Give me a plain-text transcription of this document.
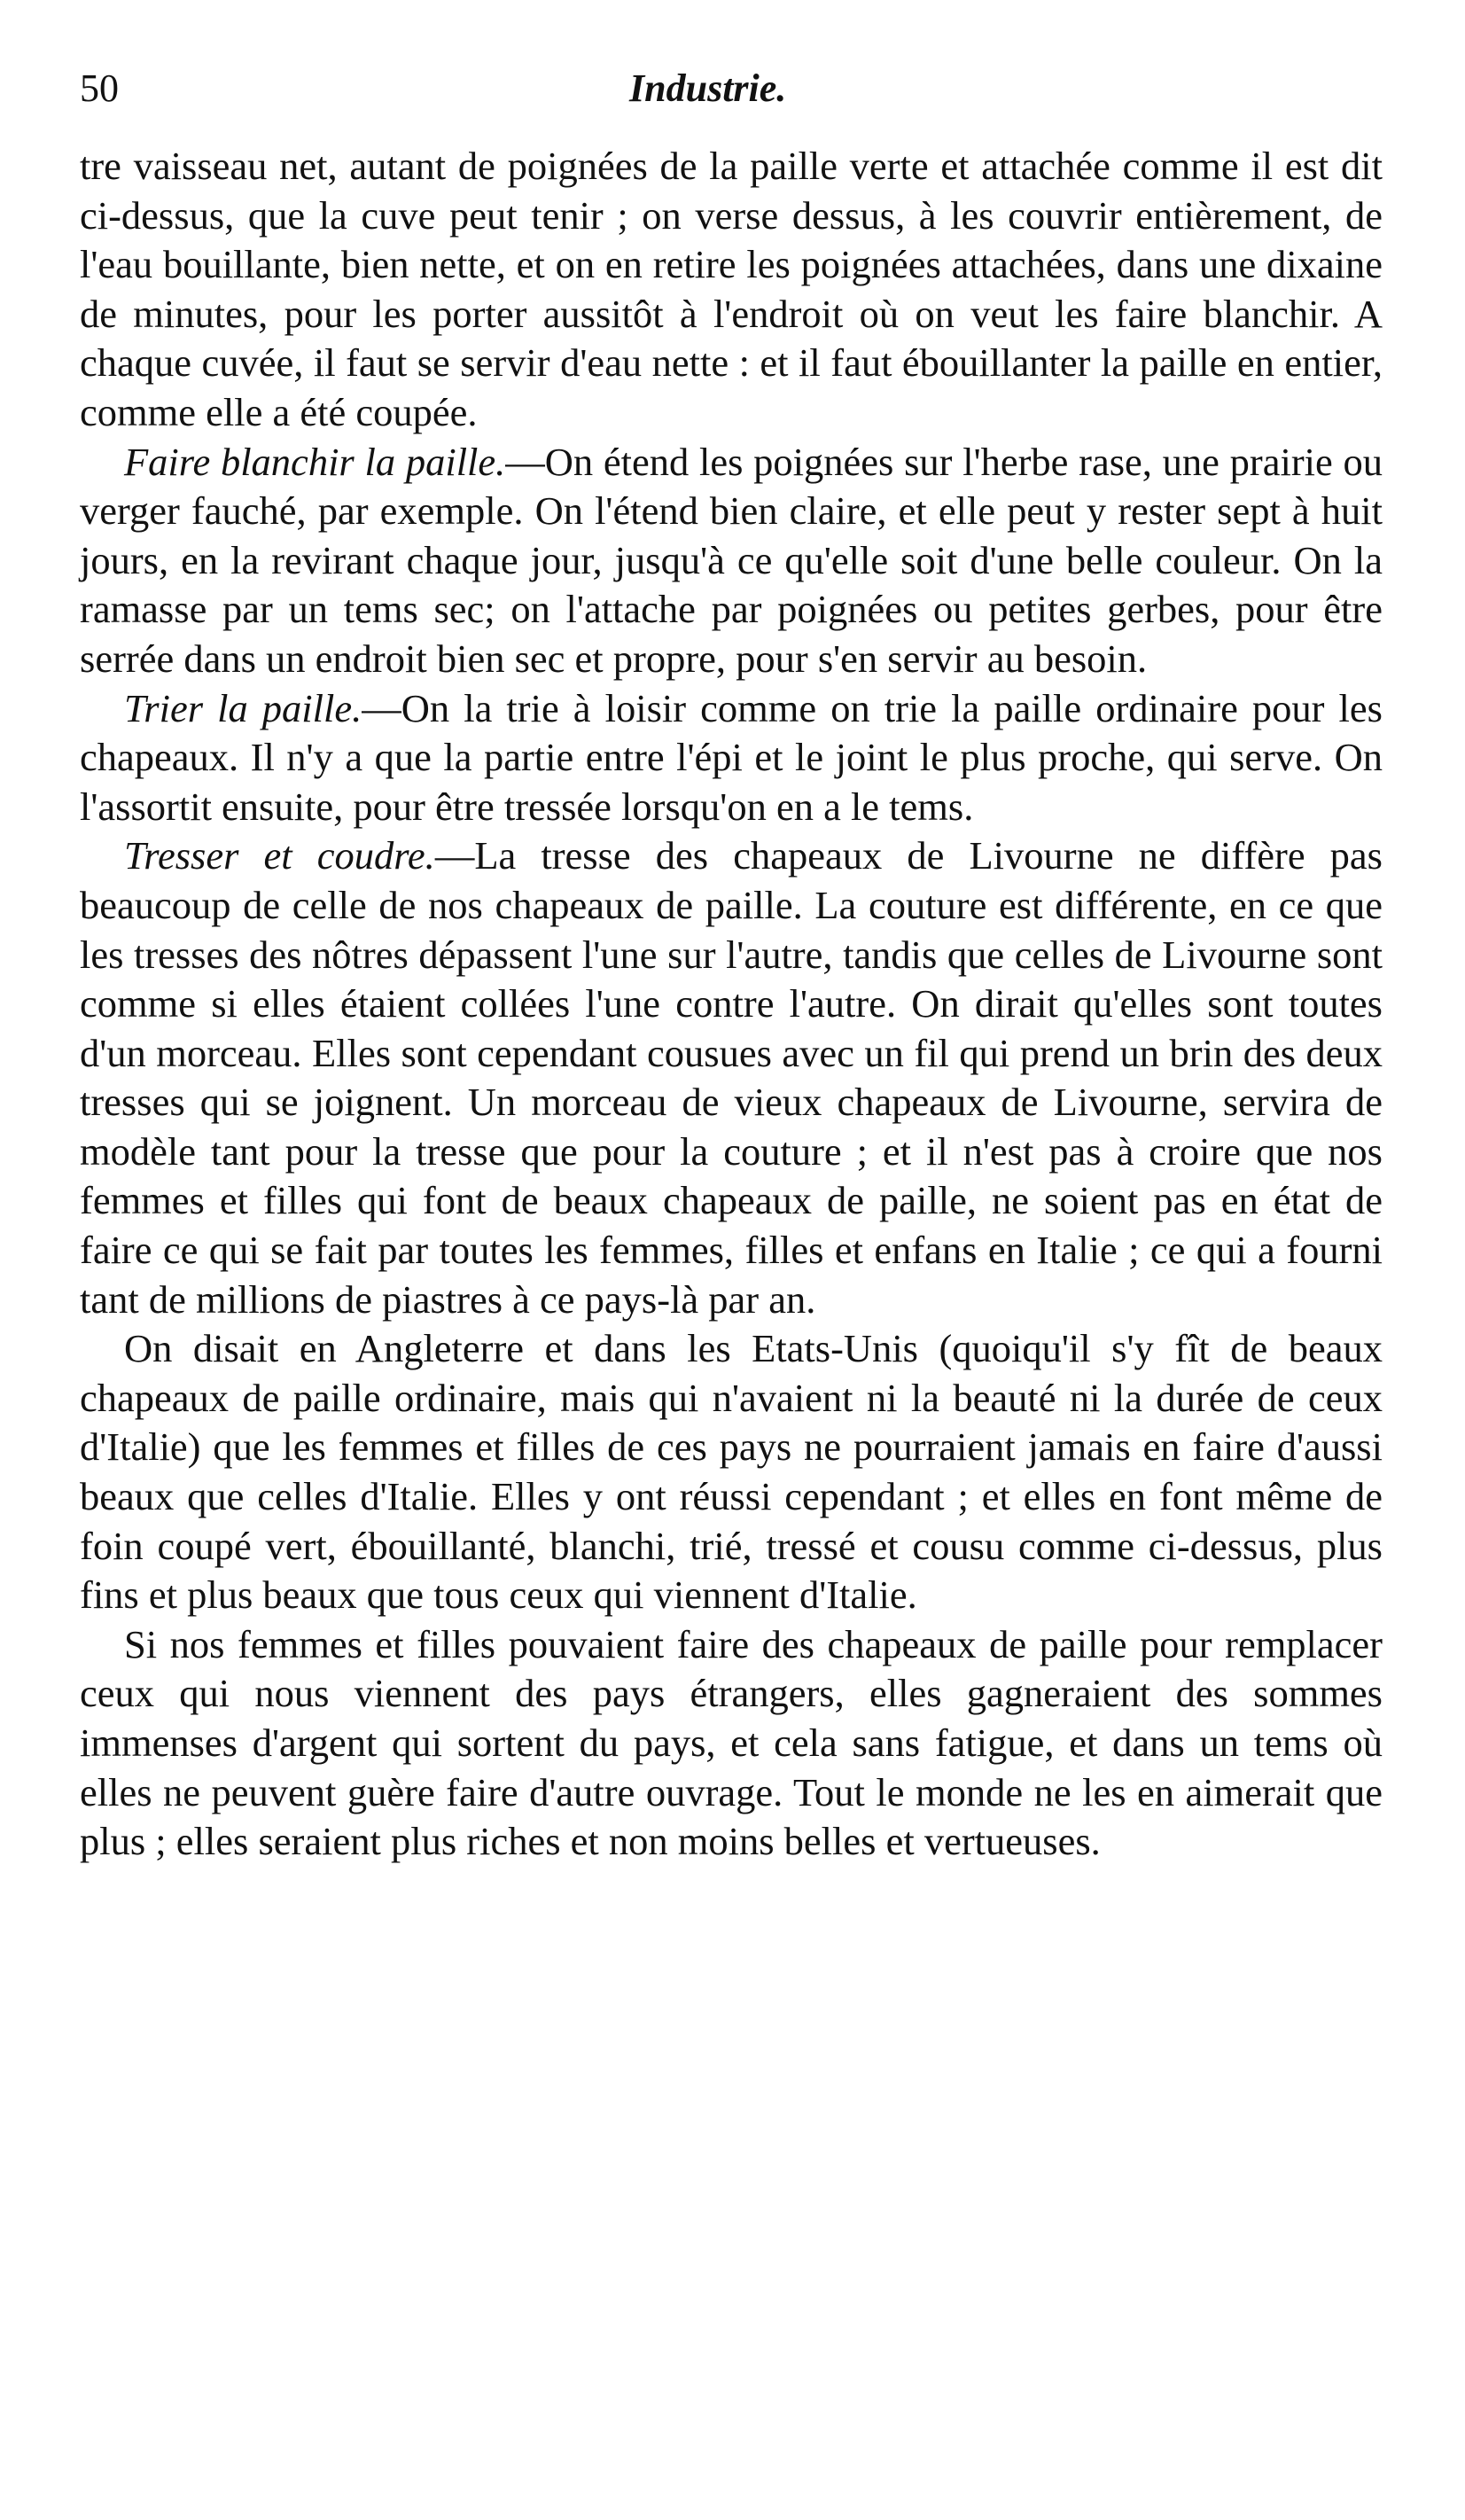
50	Industrie.

tre vaisseau net, autant de poignées de la paille verte et attachée comme il est dit ci-dessus, que la cuve peut tenir ; on verse dessus, à les couvrir entièrement, de l'eau bouillante, bien nette, et on en retire les poignées attachées, dans une dixaine de minutes, pour les porter aussitôt à l'endroit où on veut les faire blanchir. A chaque cuvée, il faut se servir d'eau nette : et il faut ébouillanter la paille en entier, comme elle a été coupée.

Faire blanchir la paille.—On étend les poignées sur l'herbe rase, une prairie ou verger fauché, par exemple. On l'étend bien claire, et elle peut y rester sept à huit jours, en la revirant chaque jour, jusqu'à ce qu'elle soit d'une belle couleur. On la ramasse par un tems sec; on l'attache par poignées ou petites gerbes, pour être serrée dans un endroit bien sec et propre, pour s'en servir au besoin.

Trier la paille.—On la trie à loisir comme on trie la paille ordinaire pour les chapeaux. Il n'y a que la partie entre l'épi et le joint le plus proche, qui serve. On l'assortit ensuite, pour être tressée lorsqu'on en a le tems.

Tresser et coudre.—La tresse des chapeaux de Livourne ne diffère pas beaucoup de celle de nos chapeaux de paille. La couture est différente, en ce que les tresses des nôtres dépassent l'une sur l'autre, tandis que celles de Livourne sont comme si elles étaient collées l'une contre l'autre. On dirait qu'elles sont toutes d'un morceau. Elles sont cependant cousues avec un fil qui prend un brin des deux tresses qui se joignent. Un morceau de vieux chapeaux de Livourne, servira de modèle tant pour la tresse que pour la couture ; et il n'est pas à croire que nos femmes et filles qui font de beaux chapeaux de paille, ne soient pas en état de faire ce qui se fait par toutes les femmes, filles et enfans en Italie ; ce qui a fourni tant de millions de piastres à ce pays-là par an.

On disait en Angleterre et dans les Etats-Unis (quoiqu'il s'y fît de beaux chapeaux de paille ordinaire, mais qui n'avaient ni la beauté ni la durée de ceux d'Italie) que les femmes et filles de ces pays ne pourraient jamais en faire d'aussi beaux que celles d'Italie. Elles y ont réussi cependant ; et elles en font même de foin coupé vert, ébouillanté, blanchi, trié, tressé et cousu comme ci-dessus, plus fins et plus beaux que tous ceux qui viennent d'Italie.

Si nos femmes et filles pouvaient faire des chapeaux de paille pour remplacer ceux qui nous viennent des pays étrangers, elles gagneraient des sommes immenses d'argent qui sortent du pays, et cela sans fatigue, et dans un tems où elles ne peuvent guère faire d'autre ouvrage. Tout le monde ne les en aimerait que plus ; elles seraient plus riches et non moins belles et vertueuses.
